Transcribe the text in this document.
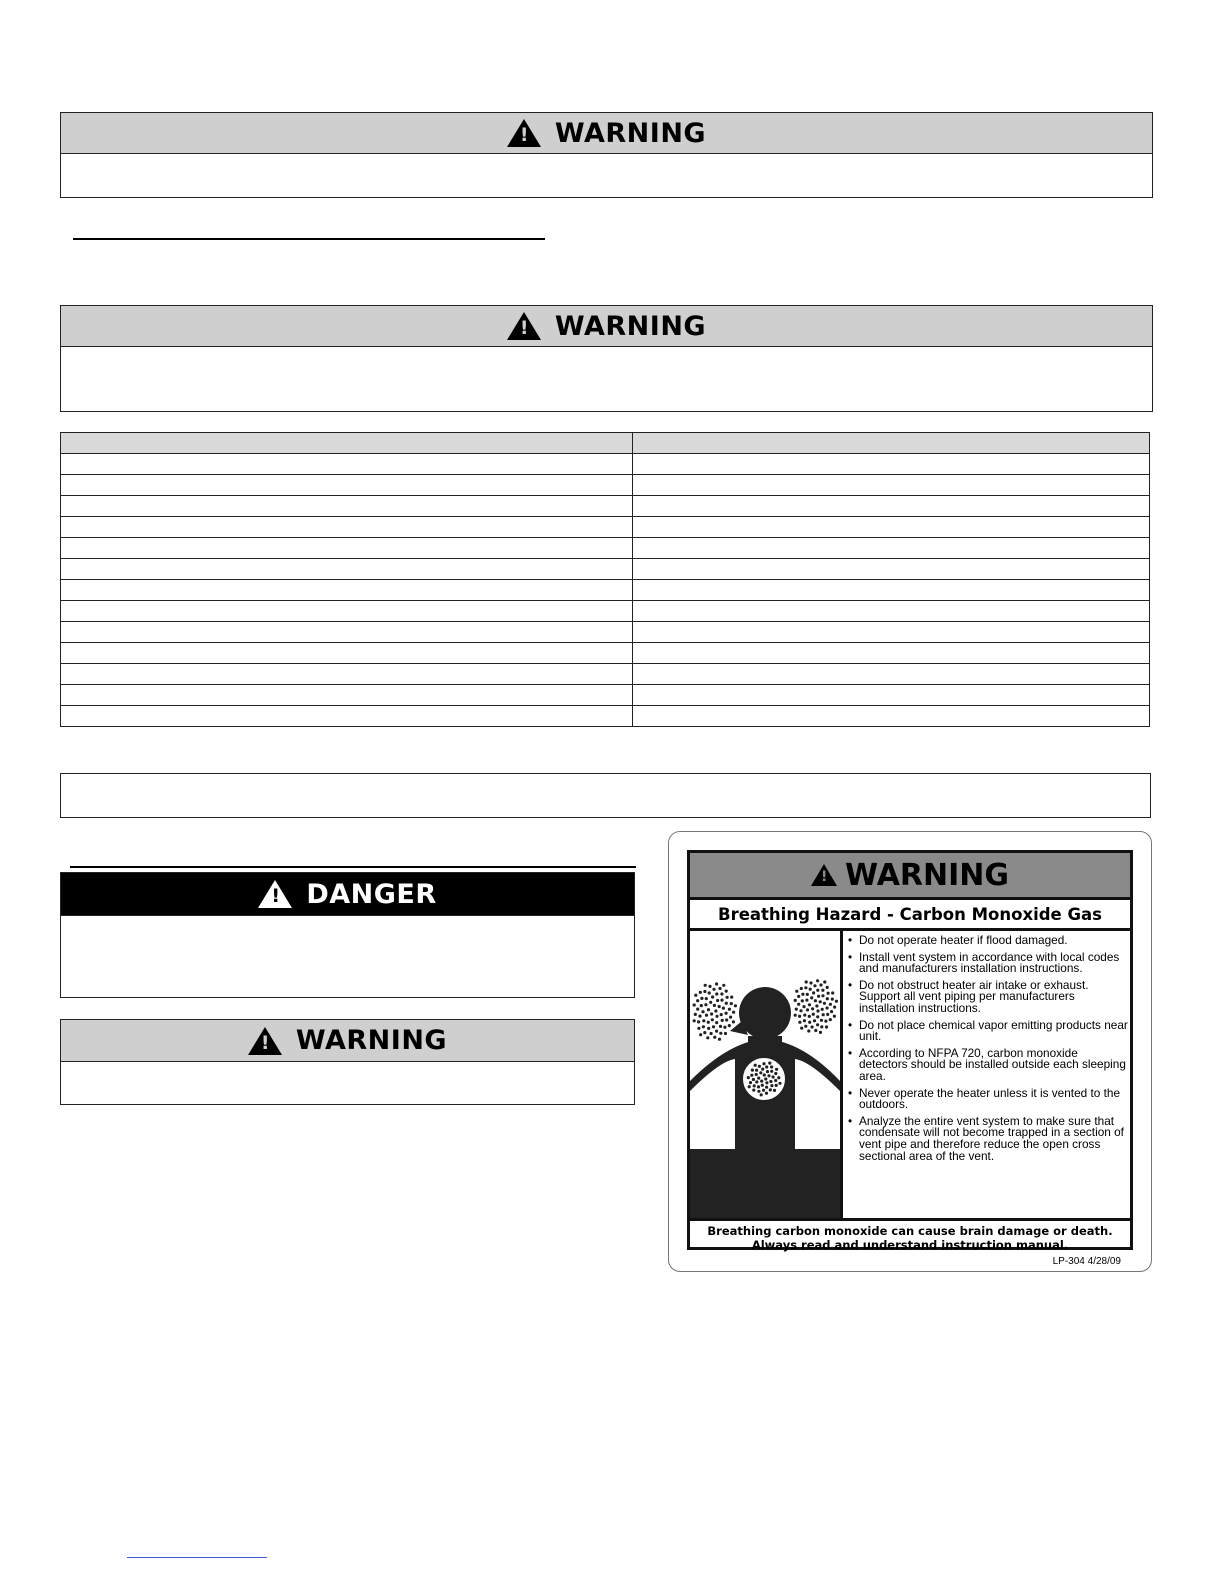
!
WARNING
!
WARNING

!
DANGER
!
WARNING
!
WARNING
Breathing Hazard - Carbon Monoxide Gas
• Do not operate heater if flood damaged.
• Install vent system in accordance with local codes and manufacturers installation instructions.
• Do not obstruct heater air intake or exhaust. Support all vent piping per manufacturers installation instructions.
• Do not place chemical vapor emitting products near unit.
• According to NFPA 720, carbon monoxide detectors should be installed outside each sleeping area.
• Never operate the heater unless it is vented to the outdoors.
• Analyze the entire vent system to make sure that condensate will not become trapped in a section of vent pipe and therefore reduce the open cross sectional area of the vent.
Breathing carbon monoxide can cause brain damage or death.
Always read and understand instruction manual.
LP-304 4/28/09
